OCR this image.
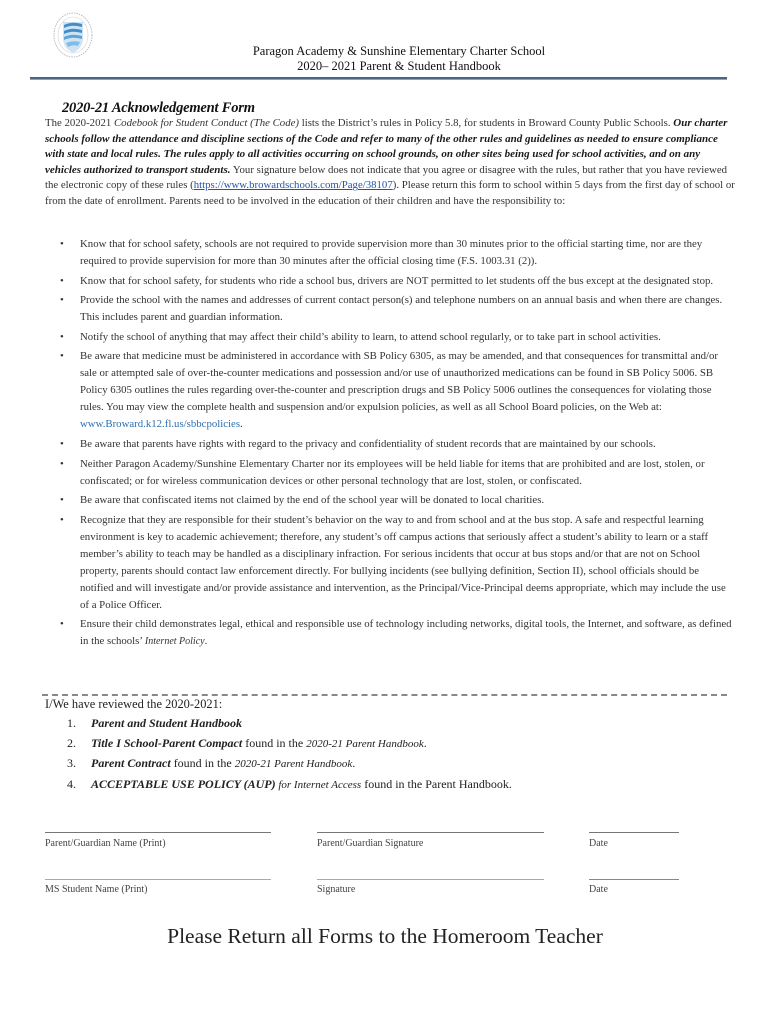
Paragon Academy & Sunshine Elementary Charter School
2020– 2021 Parent & Student Handbook
2020-21 Acknowledgement Form
The 2020-2021 Codebook for Student Conduct (The Code) lists the District’s rules in Policy 5.8, for students in Broward County Public Schools. Our charter schools follow the attendance and discipline sections of the Code and refer to many of the other rules and guidelines as needed to ensure compliance with state and local rules. The rules apply to all activities occurring on school grounds, on other sites being used for school activities, and on any vehicles authorized to transport students. Your signature below does not indicate that you agree or disagree with the rules, but rather that you have reviewed the electronic copy of these rules (https://www.browardschools.com/Page/38107). Please return this form to school within 5 days from the first day of school or from the date of enrollment. Parents need to be involved in the education of their children and have the responsibility to:
• Know that for school safety, schools are not required to provide supervision more than 30 minutes prior to the official starting time, nor are they required to provide supervision for more than 30 minutes after the official closing time (F.S. 1003.31 (2)).
• Know that for school safety, for students who ride a school bus, drivers are NOT permitted to let students off the bus except at the designated stop.
• Provide the school with the names and addresses of current contact person(s) and telephone numbers on an annual basis and when there are changes. This includes parent and guardian information.
• Notify the school of anything that may affect their child’s ability to learn, to attend school regularly, or to take part in school activities.
• Be aware that medicine must be administered in accordance with SB Policy 6305, as may be amended, and that consequences for transmittal and/or sale or attempted sale of over-the-counter medications and possession and/or use of unauthorized medications can be found in SB Policy 5006. SB Policy 6305 outlines the rules regarding over-the-counter and prescription drugs and SB Policy 5006 outlines the consequences for violating those rules. You may view the complete health and suspension and/or expulsion policies, as well as all School Board policies, on the Web at: www.Broward.k12.fl.us/sbbcpolicies.
• Be aware that parents have rights with regard to the privacy and confidentiality of student records that are maintained by our schools.
• Neither Paragon Academy/Sunshine Elementary Charter nor its employees will be held liable for items that are prohibited and are lost, stolen, or confiscated; or for wireless communication devices or other personal technology that are lost, stolen, or confiscated.
• Be aware that confiscated items not claimed by the end of the school year will be donated to local charities.
• Recognize that they are responsible for their student’s behavior on the way to and from school and at the bus stop. A safe and respectful learning environment is key to academic achievement; therefore, any student’s off campus actions that seriously affect a student’s ability to learn or a staff member’s ability to teach may be handled as a disciplinary infraction. For serious incidents that occur at bus stops and/or that are not on School property, parents should contact law enforcement directly. For bullying incidents (see bullying definition, Section II), school officials should be notified and will investigate and/or provide assistance and intervention, as the Principal/Vice-Principal deems appropriate, which may include the use of a Police Officer.
• Ensure their child demonstrates legal, ethical and responsible use of technology including networks, digital tools, the Internet, and software, as defined in the schools’ Internet Policy.
I/We have reviewed the 2020-2021:
1. Parent and Student Handbook
2. Title I School-Parent Compact found in the 2020-21 Parent Handbook.
3. Parent Contract found in the 2020-21 Parent Handbook.
4. ACCEPTABLE USE POLICY (AUP) for Internet Access found in the Parent Handbook.
Parent/Guardian Name (Print)	Parent/Guardian Signature	Date
MS Student Name (Print)	Signature	Date
Please Return all Forms to the Homeroom Teacher
